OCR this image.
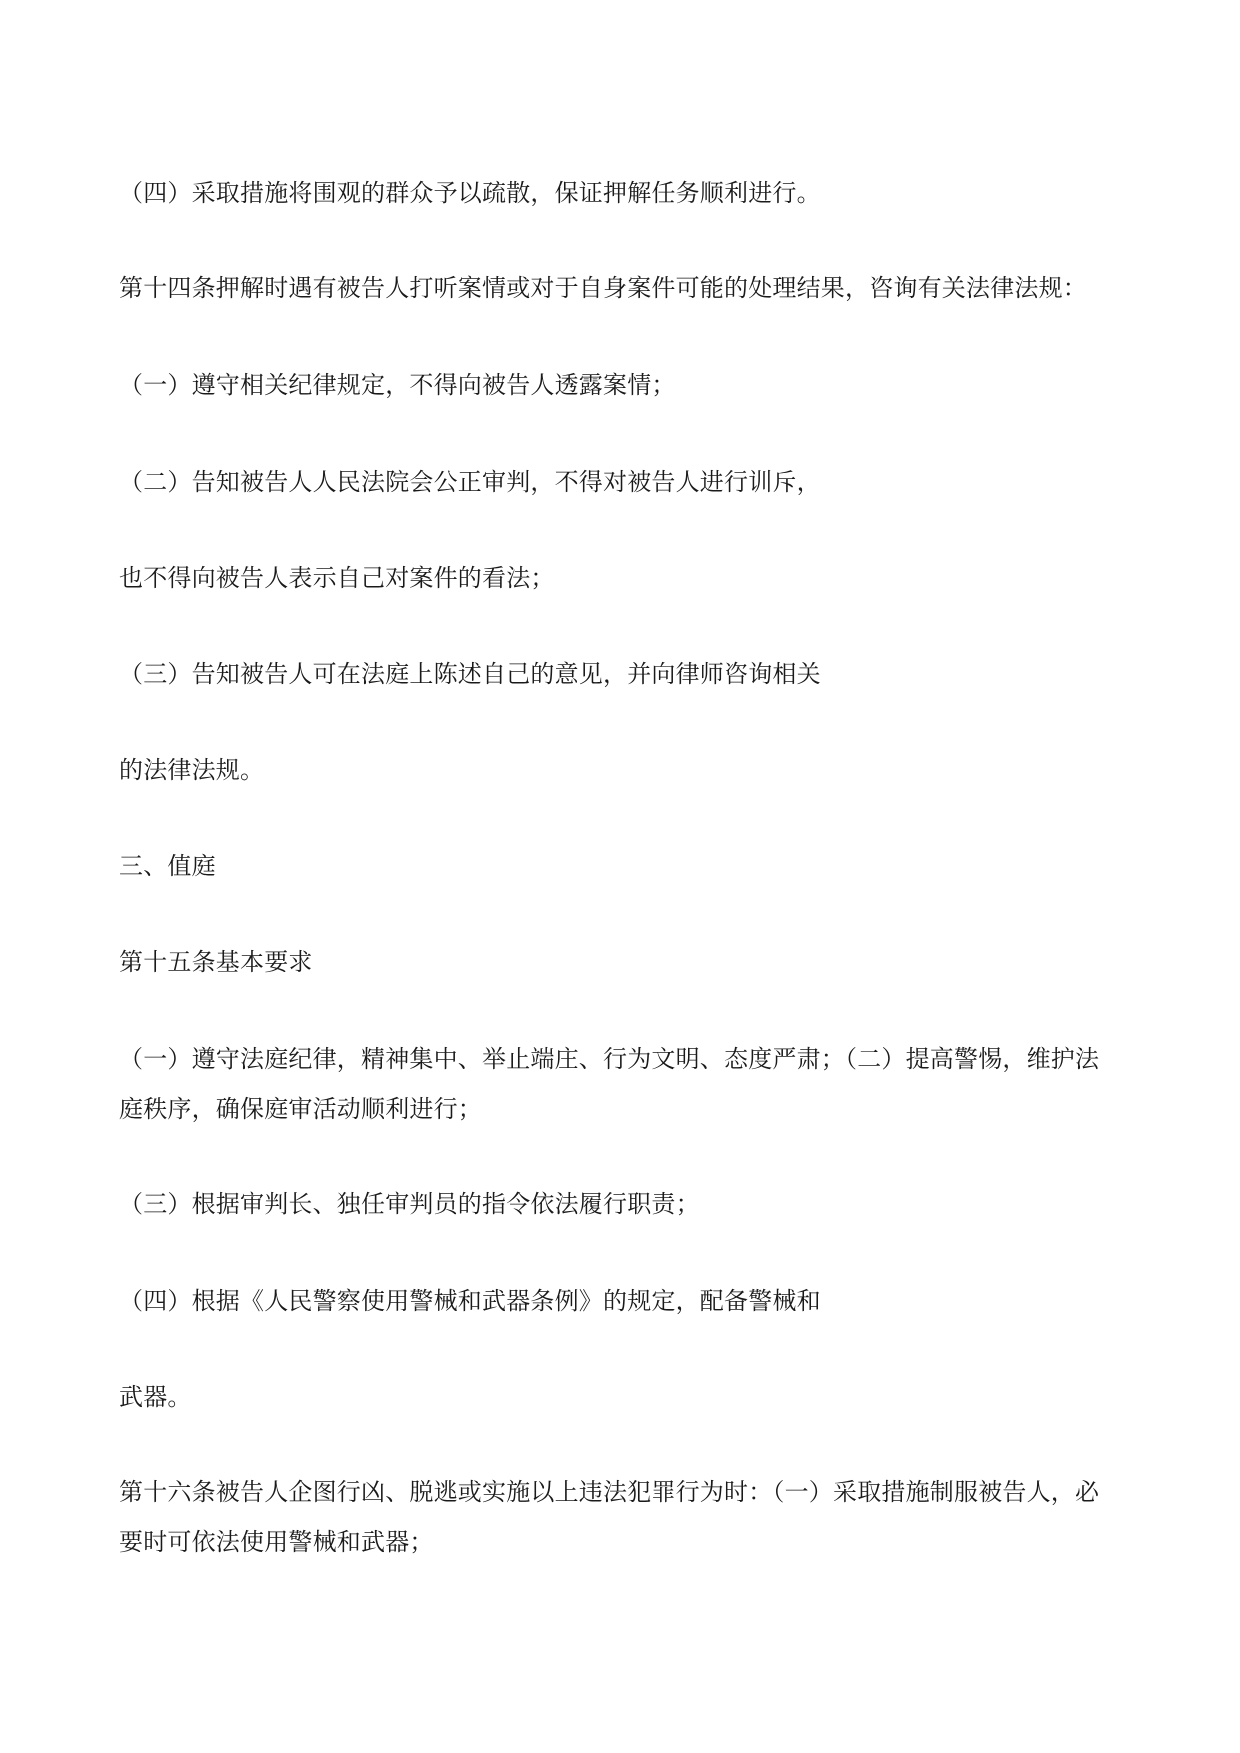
（四）采取措施将围观的群众予以疏散，保证押解任务顺利进行。
第十四条押解时遇有被告人打听案情或对于自身案件可能的处理结果，咨询有关法律法规：
（一）遵守相关纪律规定，不得向被告人透露案情；
（二）告知被告人人民法院会公正审判，不得对被告人进行训斥，
也不得向被告人表示自己对案件的看法；
（三）告知被告人可在法庭上陈述自己的意见，并向律师咨询相关
的法律法规。
三、值庭
第十五条基本要求
（一）遵守法庭纪律，精神集中、举止端庄、行为文明、态度严肃；（二）提高警惕，维护法
庭秩序，确保庭审活动顺利进行；
（三）根据审判长、独任审判员的指令依法履行职责；
（四）根据《人民警察使用警械和武器条例》的规定，配备警械和
武器。
第十六条被告人企图行凶、脱逃或实施以上违法犯罪行为时：（一）采取措施制服被告人，必
要时可依法使用警械和武器；
